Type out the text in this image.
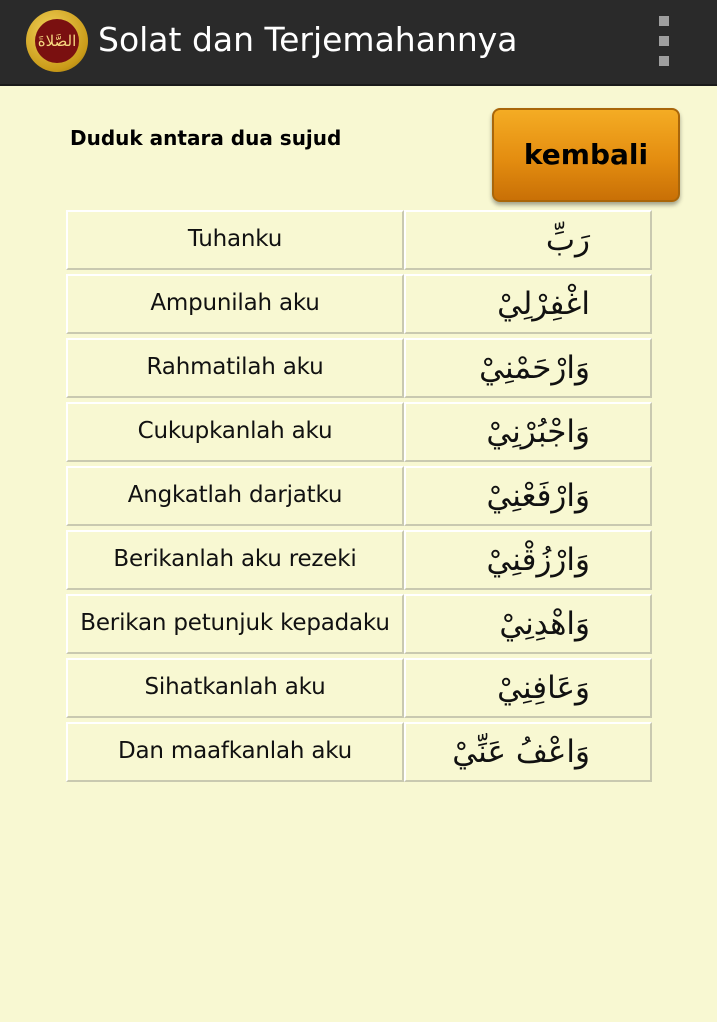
الصَّلاةَ Solat dan Terjemahannya
Duduk antara dua sujud	kembali
Tuhanku	رَبِّ
Ampunilah aku	اغْفِرْلِيْ
Rahmatilah aku	وَارْحَمْنِيْ
Cukupkanlah aku	وَاجْبُرْنِيْ
Angkatlah darjatku	وَارْفَعْنِيْ
Berikanlah aku rezeki	وَارْزُقْنِيْ
Berikan petunjuk kepadaku	وَاهْدِنِيْ
Sihatkanlah aku	وَعَافِنِيْ
Dan maafkanlah aku	وَاعْفُ عَنِّيْ
